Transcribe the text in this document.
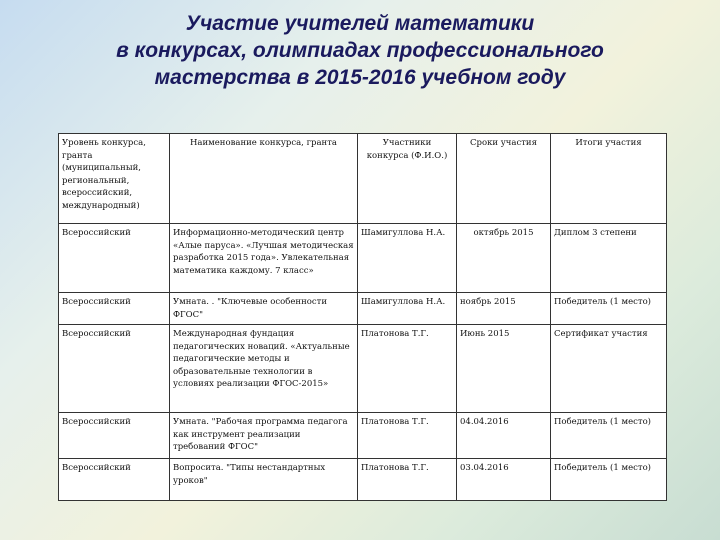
Участие учителей математики
в конкурсах, олимпиадах профессионального
мастерства в 2015-2016 учебном году
Уровень конкурса, гранта (муниципальный, региональный, всероссийский, международный)	Наименование конкурса, гранта	Участники конкурса (Ф.И.О.)	Сроки участия	Итоги участия
Всероссийский	Информационно-методический центр «Алые паруса». «Лучшая методическая разработка 2015 года». Увлекательная математика каждому. 7 класс»	Шамигуллова Н.А.	октябрь 2015	Диплом 3 степени
Всероссийский	Умната. . "Ключевые особенности ФГОС"	Шамигуллова Н.А.	ноябрь 2015	Победитель (1 место)
Всероссийский	Международная фундация педагогических новаций. «Актуальные педагогические методы и образовательные технологии в условиях реализации ФГОС-2015»	Платонова Т.Г.	Июнь 2015	Сертификат участия
Всероссийский	Умната. "Рабочая программа педагога как инструмент реализации требований ФГОС"	Платонова Т.Г.	04.04.2016	Победитель (1 место)
Всероссийский	Вопросита. "Типы нестандартных уроков"	Платонова Т.Г.	03.04.2016	Победитель (1 место)
